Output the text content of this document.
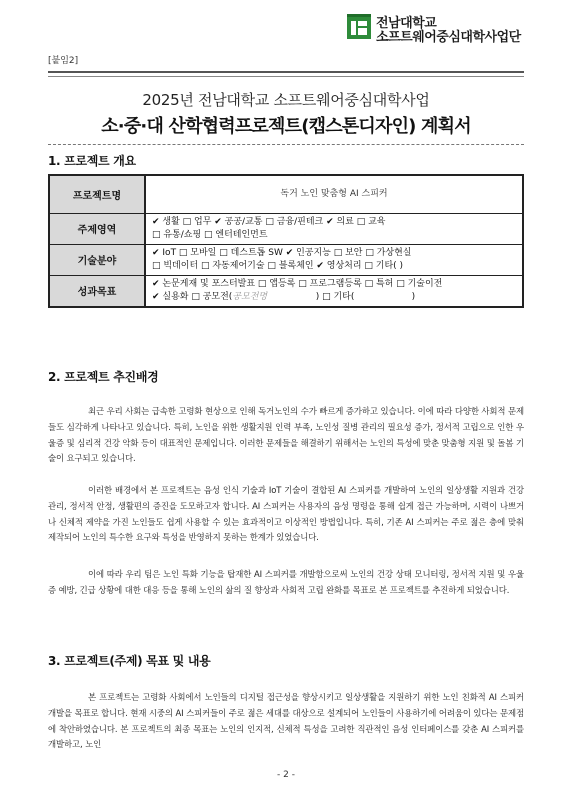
전남대학교
소프트웨어중심대학사업단
[붙임2]
2025년 전남대학교 소프트웨어중심대학사업
소·중·대 산학협력프로젝트(캡스톤디자인) 계획서
1. 프로젝트 개요
프로젝트명	독거 노인 맞춤형 AI 스피커

주제영역	✔ 생활 □ 업무 ✔ 공공/교통 □ 금융/핀테크 ✔ 의료 □ 교육
□ 유통/쇼핑 □ 엔터테인먼트

기술분야	✔ IoT □ 모바일 □ 데스트톱 SW ✔ 인공지능 □ 보안 □ 가상현실
□ 빅데이터 □ 자동제어기술 □ 블록체인 ✔ 영상처리 □ 기타( )

성과목표	✔ 논문게재 및 포스터발표 □ 앱등록 □ 프로그램등록 □ 특허 □ 기술이전
✔ 실용화 □ 공모전(공모전명                 ) □ 기타(                    )
2. 프로젝트 추진배경
최근 우리 사회는 급속한 고령화 현상으로 인해 독거노인의 수가 빠르게 증가하고 있습니다. 이에 따라 다양한 사회적 문제들도 심각하게 나타나고 있습니다. 특히, 노인을 위한 생활지원 인력 부족, 노인성 질병 관리의 필요성 증가, 정서적 고립으로 인한 우울증 및 심리적 건강 악화 등이 대표적인 문제입니다. 이러한 문제들을 해결하기 위해서는 노인의 특성에 맞춘 맞춤형 지원 및 돌봄 기술이 요구되고 있습니다.
이러한 배경에서 본 프로젝트는 음성 인식 기술과 IoT 기술이 결합된 AI 스피커를 개발하여 노인의 일상생활 지원과 건강관리, 정서적 안정, 생활편의 증진을 도모하고자 합니다. AI 스피커는 사용자의 음성 명령을 통해 쉽게 접근 가능하며, 시력이 나쁘거나 신체적 제약을 가진 노인들도 쉽게 사용할 수 있는 효과적이고 이상적인 방법입니다. 특히, 기존 AI 스피커는 주로 젊은 층에 맞춰 제작되어 노인의 특수한 요구와 특성을 반영하지 못하는 한계가 있었습니다.
이에 따라 우리 팀은 노인 특화 기능을 탑재한 AI 스피커를 개발함으로써 노인의 건강 상태 모니터링, 정서적 지원 및 우울증 예방, 긴급 상황에 대한 대응 등을 통해 노인의 삶의 질 향상과 사회적 고립 완화를 목표로 본 프로젝트를 추진하게 되었습니다.
3. 프로젝트(주제) 목표 및 내용
본 프로젝트는 고령화 사회에서 노인들의 디지털 접근성을 향상시키고 일상생활을 지원하기 위한 노인 친화적 AI 스피커 개발을 목표로 합니다. 현재 시중의 AI 스피커들이 주로 젊은 세대를 대상으로 설계되어 노인들이 사용하기에 어려움이 있다는 문제점에 착안하였습니다. 본 프로젝트의 최종 목표는 노인의 인지적, 신체적 특성을 고려한 직관적인 음성 인터페이스를 갖춘 AI 스피커를 개발하고, 노인
- 2 -
